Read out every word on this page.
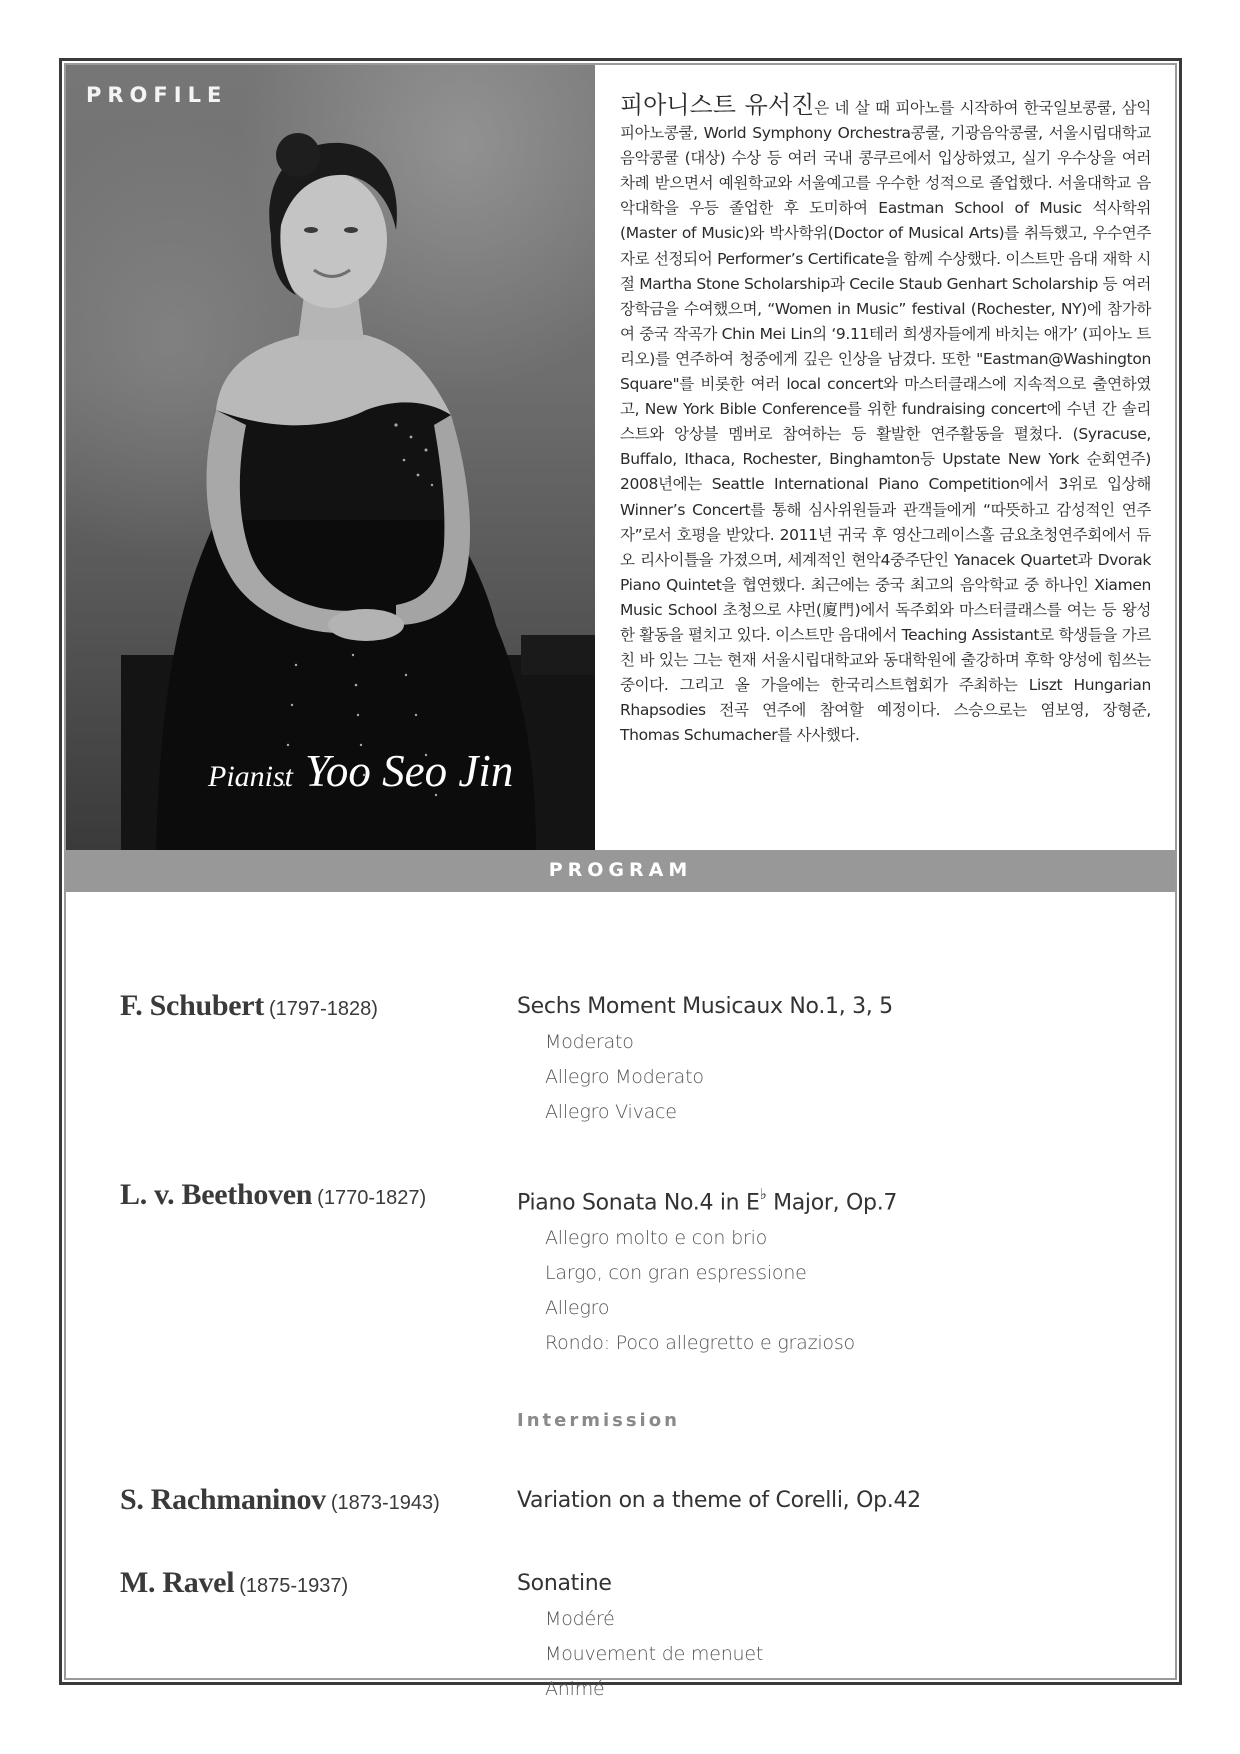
PROFILE
Pianist Yoo Seo Jin

피아니스트 유서진은 네 살 때 피아노를 시작하여 한국일보콩쿨, 삼익 피아노콩쿨, World Symphony Orchestra콩쿨, 기광음악콩쿨, 서울시립대학교 음악콩쿨 (대상) 수상 등 여러 국내 콩쿠르에서 입상하였고, 실기 우수상을 여러 차례 받으면서 예원학교와 서울예고를 우수한 성적으로 졸업했다. 서울대학교 음악대학을 우등 졸업한 후 도미하여 Eastman School of Music 석사학위(Master of Music)와 박사학위(Doctor of Musical Arts)를 취득했고, 우수연주자로 선정되어 Performer’s Certificate을 함께 수상했다. 이스트만 음대 재학 시절 Martha Stone Scholarship과 Cecile Staub Genhart Scholarship 등 여러 장학금을 수여했으며, “Women in Music” festival (Rochester, NY)에 참가하여 중국 작곡가 Chin Mei Lin의 ‘9.11테러 희생자들에게 바치는 애가’ (피아노 트리오)를 연주하여 청중에게 깊은 인상을 남겼다. 또한 "Eastman@Washington Square"를 비롯한 여러 local concert와 마스터클래스에 지속적으로 출연하였고, New York Bible Conference를 위한 fundraising concert에 수년 간 솔리스트와 앙상블 멤버로 참여하는 등 활발한 연주활동을 펼쳤다. (Syracuse, Buffalo, Ithaca, Rochester, Binghamton등 Upstate New York 순회연주) 2008년에는 Seattle International Piano Competition에서 3위로 입상해 Winner’s Concert를 통해 심사위원들과 관객들에게 “따뜻하고 감성적인 연주자”로서 호평을 받았다. 2011년 귀국 후 영산그레이스홀 금요초청연주회에서 듀오 리사이틀을 가졌으며, 세계적인 현악4중주단인 Yanacek Quartet과 Dvorak Piano Quintet을 협연했다. 최근에는 중국 최고의 음악학교 중 하나인 Xiamen Music School 초청으로 샤먼(廈門)에서 독주회와 마스터클래스를 여는 등 왕성한 활동을 펼치고 있다. 이스트만 음대에서 Teaching Assistant로 학생들을 가르친 바 있는 그는 현재 서울시립대학교와 동대학원에 출강하며 후학 양성에 힘쓰는 중이다. 그리고 올 가을에는 한국리스트협회가 주최하는 Liszt Hungarian Rhapsodies 전곡 연주에 참여할 예정이다. 스승으로는 염보영, 장형준, Thomas Schumacher를 사사했다.

PROGRAM
F. Schubert (1797-1828)	Sechs Moment Musicaux No.1, 3, 5
Moderato
Allegro Moderato
Allegro Vivace
L. v. Beethoven (1770-1827)	Piano Sonata No.4 in E♭ Major, Op.7
Allegro molto e con brio
Largo, con gran espressione
Allegro
Rondo: Poco allegretto e grazioso
Intermission
S. Rachmaninov (1873-1943)	Variation on a theme of Corelli, Op.42
M. Ravel (1875-1937)	Sonatine
Modéré
Mouvement de menuet
Animé
